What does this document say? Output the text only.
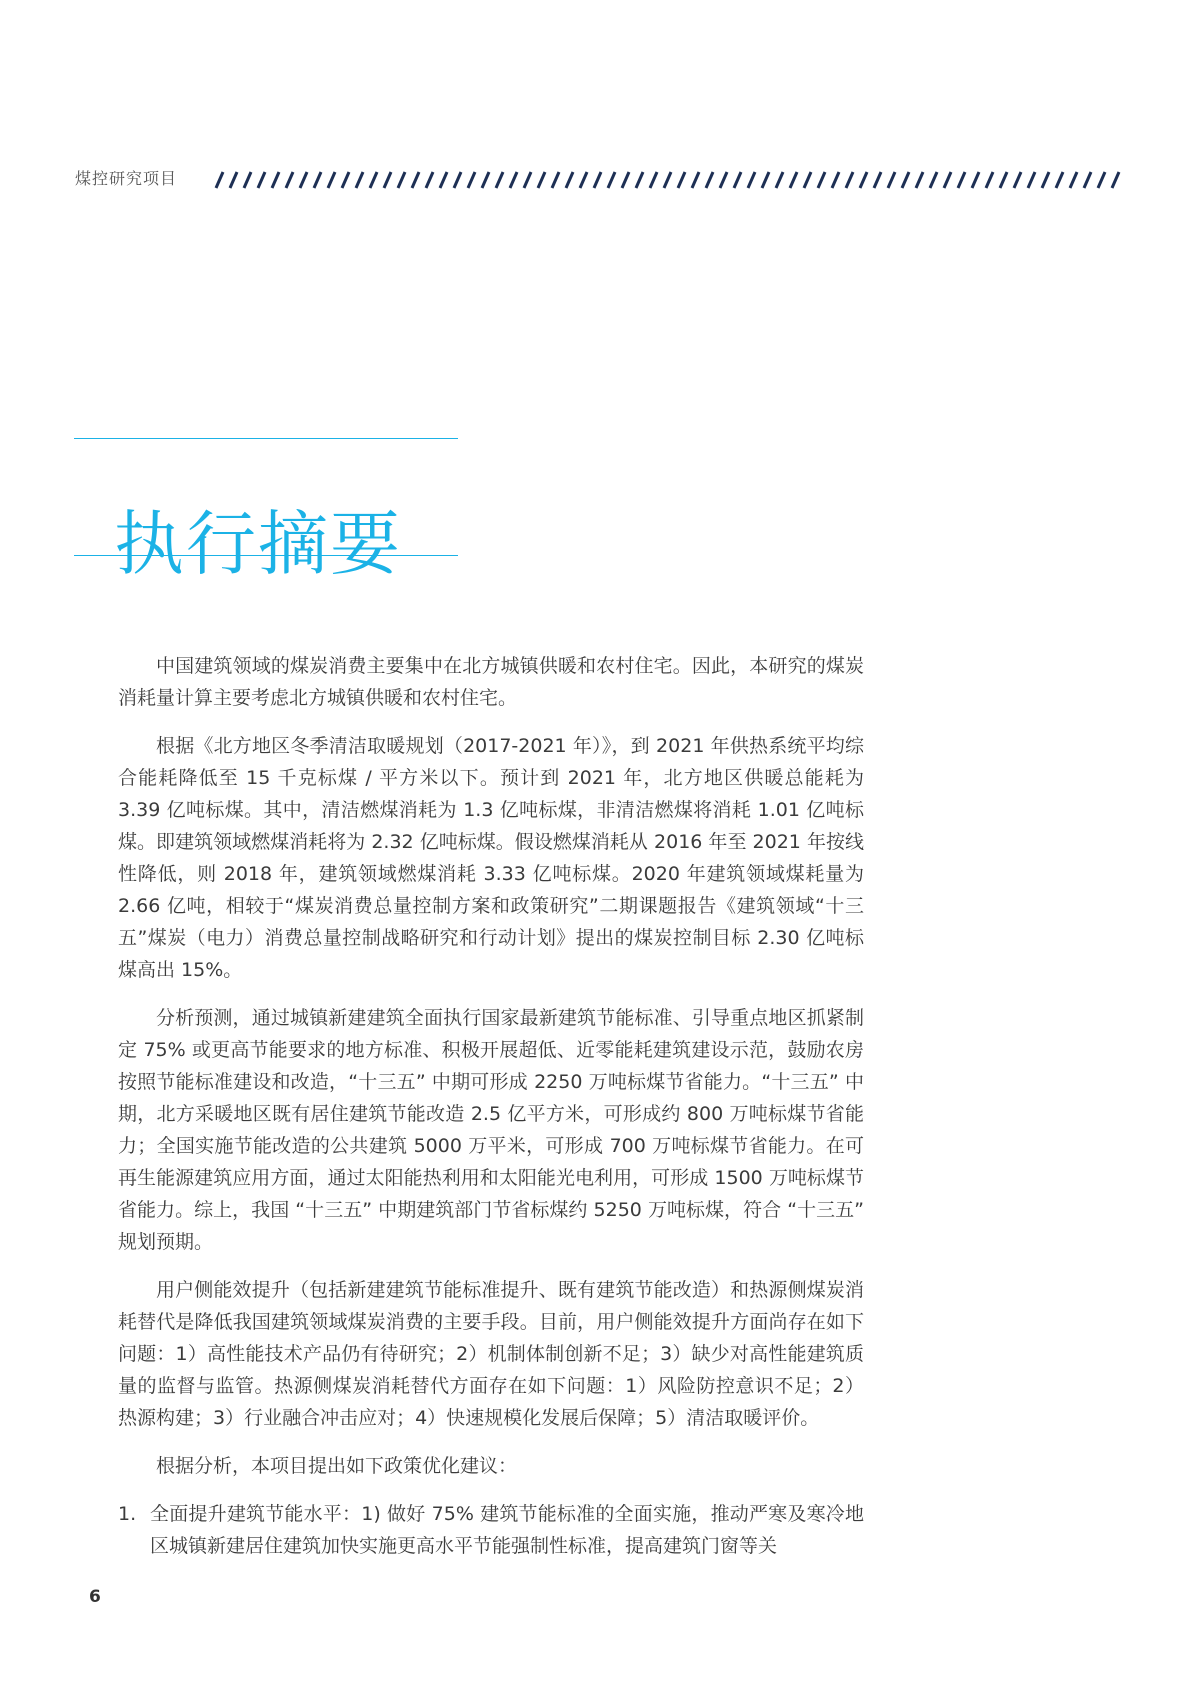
煤控研究项目
执行摘要

中国建筑领域的煤炭消费主要集中在北方城镇供暖和农村住宅。因此，本研究的煤炭消耗量计算主要考虑北方城镇供暖和农村住宅。

根据《北方地区冬季清洁取暖规划（2017-2021 年）》，到 2021 年供热系统平均综合能耗降低至 15 千克标煤 / 平方米以下。预计到 2021 年，北方地区供暖总能耗为 3.39 亿吨标煤。其中，清洁燃煤消耗为 1.3 亿吨标煤，非清洁燃煤将消耗 1.01 亿吨标煤。即建筑领域燃煤消耗将为 2.32 亿吨标煤。假设燃煤消耗从 2016 年至 2021 年按线性降低，则 2018 年，建筑领域燃煤消耗 3.33 亿吨标煤。2020 年建筑领域煤耗量为 2.66 亿吨，相较于“煤炭消费总量控制方案和政策研究”二期课题报告《建筑领域“十三五”煤炭（电力）消费总量控制战略研究和行动计划》提出的煤炭控制目标 2.30 亿吨标煤高出 15%。

分析预测，通过城镇新建建筑全面执行国家最新建筑节能标准、引导重点地区抓紧制定 75% 或更高节能要求的地方标准、积极开展超低、近零能耗建筑建设示范，鼓励农房按照节能标准建设和改造，“十三五” 中期可形成 2250 万吨标煤节省能力。“十三五” 中期，北方采暖地区既有居住建筑节能改造 2.5 亿平方米，可形成约 800 万吨标煤节省能力；全国实施节能改造的公共建筑 5000 万平米，可形成 700 万吨标煤节省能力。在可再生能源建筑应用方面，通过太阳能热利用和太阳能光电利用，可形成 1500 万吨标煤节省能力。综上，我国 “十三五” 中期建筑部门节省标煤约 5250 万吨标煤，符合 “十三五” 规划预期。

用户侧能效提升（包括新建建筑节能标准提升、既有建筑节能改造）和热源侧煤炭消耗替代是降低我国建筑领域煤炭消费的主要手段。目前，用户侧能效提升方面尚存在如下问题：1）高性能技术产品仍有待研究；2）机制体制创新不足；3）缺少对高性能建筑质量的监督与监管。热源侧煤炭消耗替代方面存在如下问题：1）风险防控意识不足；2）热源构建；3）行业融合冲击应对；4）快速规模化发展后保障；5）清洁取暖评价。

根据分析，本项目提出如下政策优化建议：

1. 全面提升建筑节能水平：1) 做好 75% 建筑节能标准的全面实施，推动严寒及寒冷地区城镇新建居住建筑加快实施更高水平节能强制性标准，提高建筑门窗等关
6
